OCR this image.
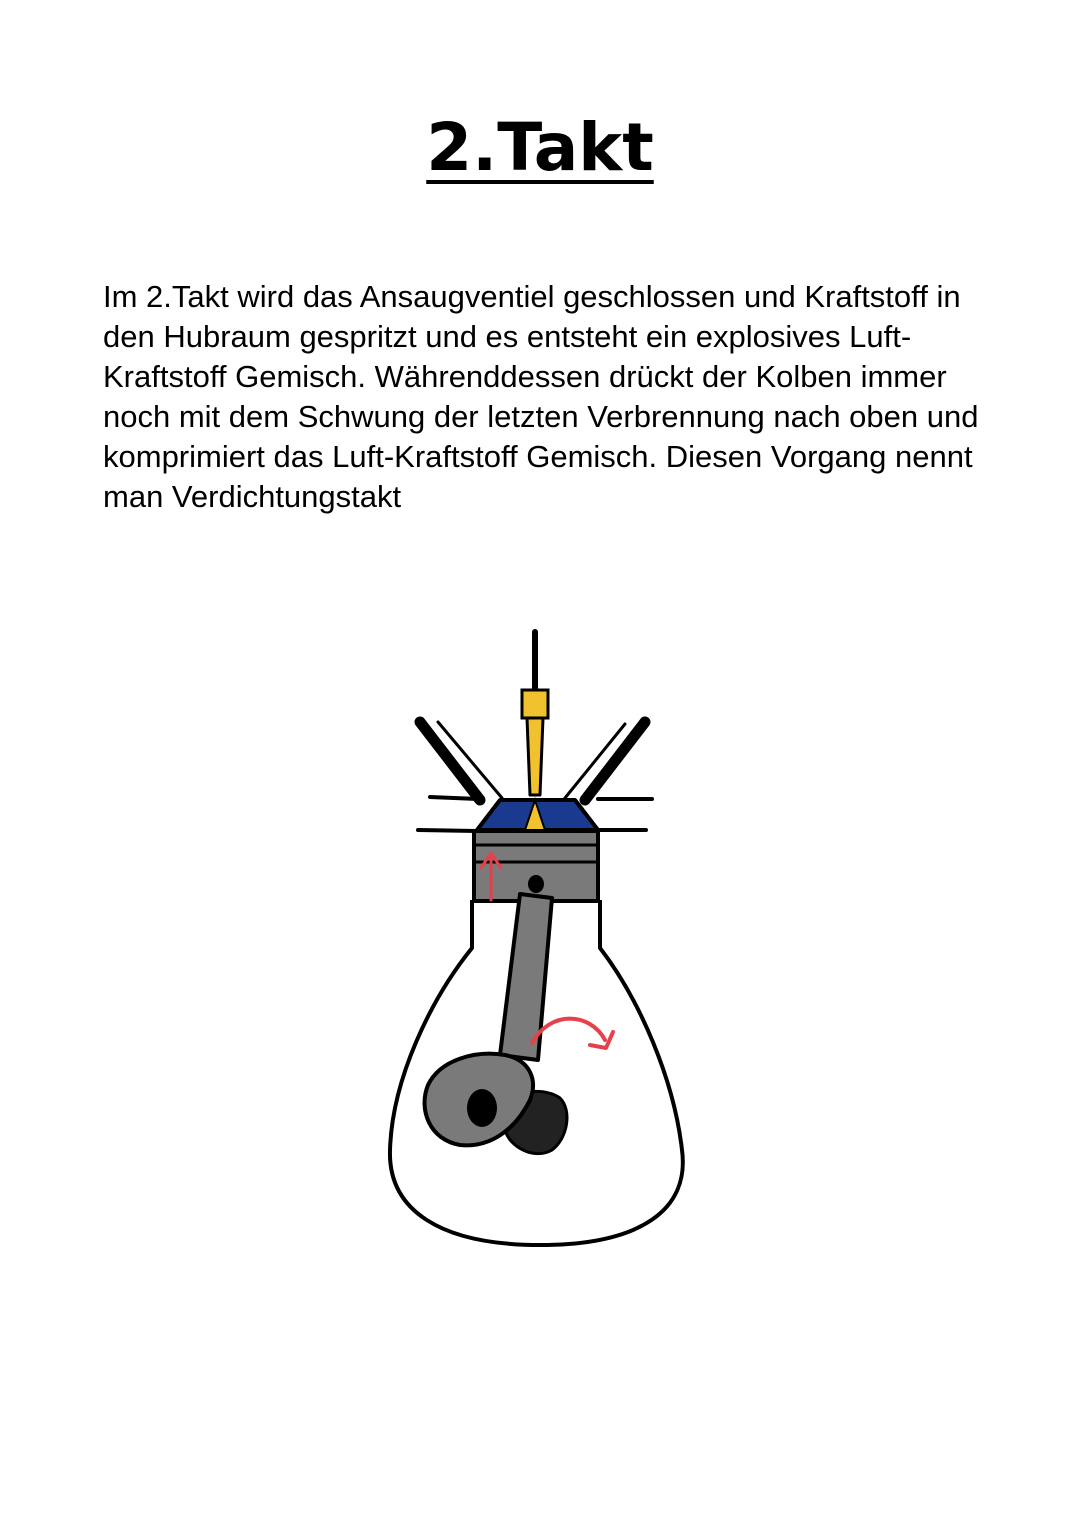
2.Takt

Im 2.Takt wird das Ansaugventiel geschlossen und Kraftstoff in den Hubraum gespritzt und es entsteht ein explosives Luft-Kraftstoff Gemisch. Währenddessen drückt der Kolben immer noch mit dem Schwung der letzten Verbrennung nach oben und komprimiert das Luft-Kraftstoff Gemisch. Diesen Vorgang nennt man Verdichtungstakt
